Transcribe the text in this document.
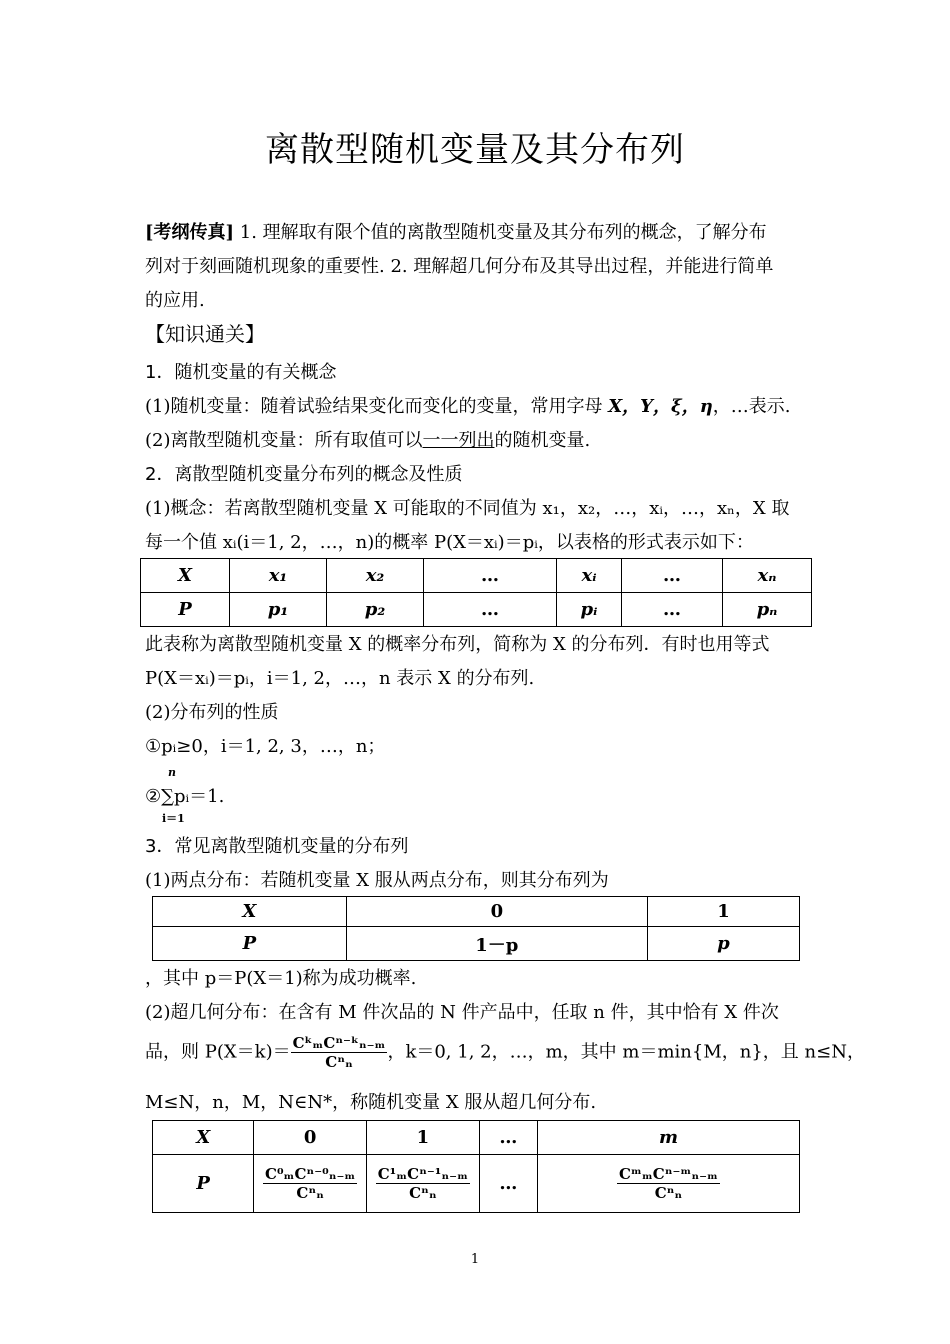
离散型随机变量及其分布列
[考纲传真] 1. 理解取有限个值的离散型随机变量及其分布列的概念，了解分布
列对于刻画随机现象的重要性. 2. 理解超几何分布及其导出过程，并能进行简单
的应用.
【知识通关】
1．随机变量的有关概念
(1)随机变量：随着试验结果变化而变化的变量，常用字母 X，Y，ξ，η，…表示.
(2)离散型随机变量：所有取值可以一一列出的随机变量.
2．离散型随机变量分布列的概念及性质
(1)概念：若离散型随机变量 X 可能取的不同值为 x₁，x₂，…，xᵢ，…，xₙ，X 取
每一个值 xᵢ(i＝1, 2，…，n)的概率 P(X＝xᵢ)＝pᵢ，以表格的形式表示如下：
X	x₁	x₂	…	xᵢ	…	xₙ
P	p₁	p₂	…	pᵢ	…	pₙ
此表称为离散型随机变量 X 的概率分布列，简称为 X 的分布列．有时也用等式
P(X＝xᵢ)＝pᵢ，i＝1, 2，…，n 表示 X 的分布列.
(2)分布列的性质
①pᵢ≥0，i＝1, 2, 3，…，n；
n
②∑pᵢ＝1.
i＝1
3．常见离散型随机变量的分布列
(1)两点分布：若随机变量 X 服从两点分布，则其分布列为
X	0	1
P	1－p	p
，其中 p＝P(X＝1)称为成功概率.
(2)超几何分布：在含有 M 件次品的 N 件产品中，任取 n 件，其中恰有 X 件次
品，则 $P(X=k)= \frac{\text{CᵏₘCⁿ⁻ᵏₙ₋ₘ}}{\text{Cⁿₙ}}$ ，k＝0, 1, 2，…，m，其中 m＝min{M，n}，且 n≤N，
M≤N，n，M，N∈N*，称随机变量 X 服从超几何分布.
X	0	1	…	m
P	$\frac{\text{C⁰ₘCⁿ⁻⁰ₙ₋ₘ}}{\text{Cⁿₙ}}$	$\frac{\text{C¹ₘCⁿ⁻¹ₙ₋ₘ}}{\text{Cⁿₙ}}$	…	$\frac{\text{CᵐₘCⁿ⁻ᵐₙ₋ₘ}}{\text{Cⁿₙ}}$
1
